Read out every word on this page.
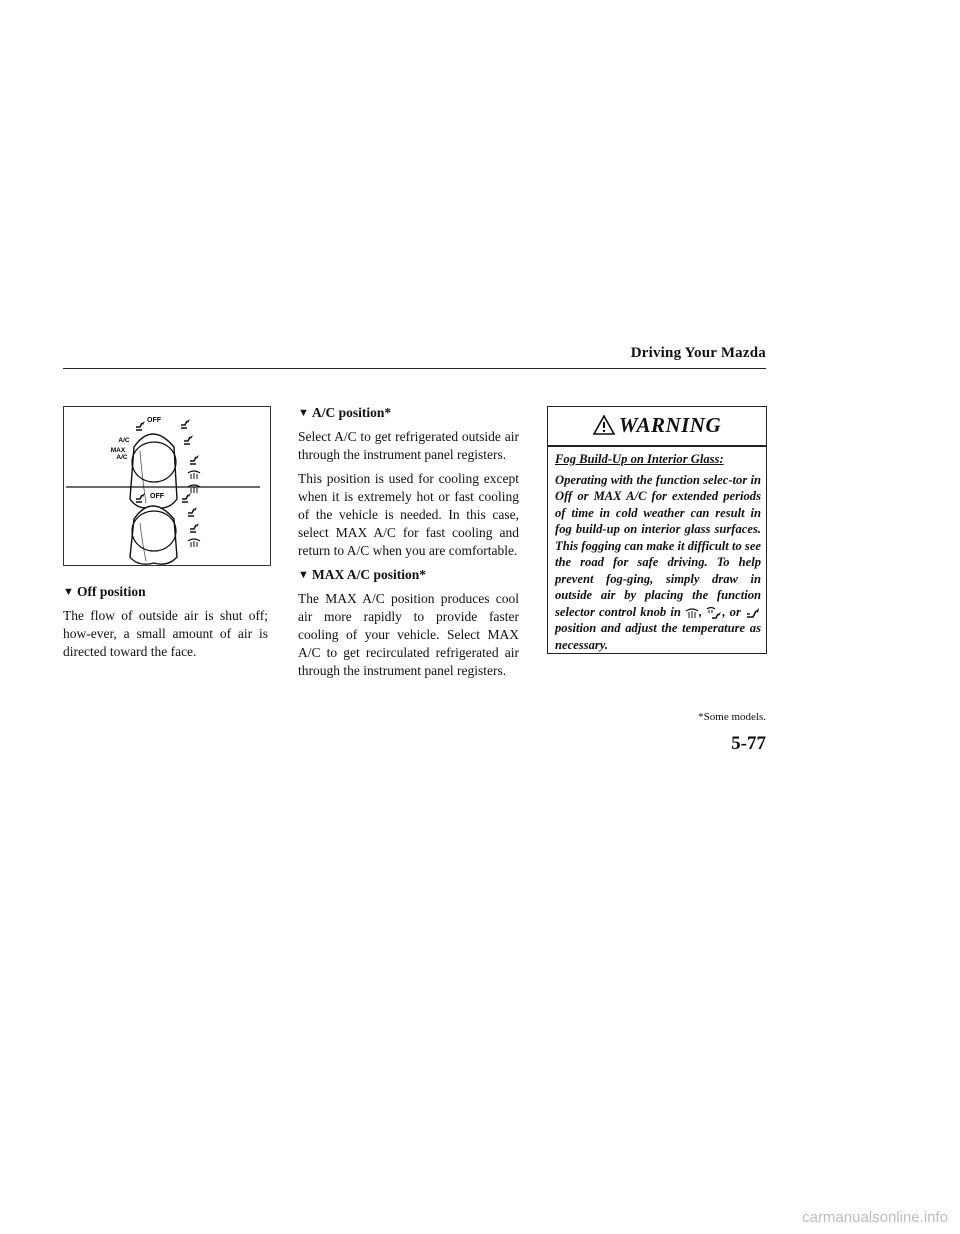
Driving Your Mazda
OFF
A/C
MAX
A/C
OFF
▼ Off position

The flow of outside air is shut off; how-ever, a small amount of air is directed toward the face.

▼ A/C position*

Select A/C to get refrigerated outside air through the instrument panel registers.

This position is used for cooling except when it is extremely hot or fast cooling of the vehicle is needed. In this case, select MAX A/C for fast cooling and return to A/C when you are comfortable.

▼ MAX A/C position*

The MAX A/C position produces cool air more rapidly to provide faster cooling of your vehicle. Select MAX A/C to get recirculated refrigerated air through the instrument panel registers.

WARNING
Fog Build-Up on Interior Glass:
Operating with the function selec-tor in Off or MAX A/C for extended periods of time in cold weather can result in fog build-up on interior glass surfaces. This fogging can make it difficult to see the road for safe driving. To help prevent fog-ging, simply draw in outside air by placing the function selector control knob in , , or  position and adjust the temperature as necessary.
*Some models.
5-77
carmanualsonline.info
